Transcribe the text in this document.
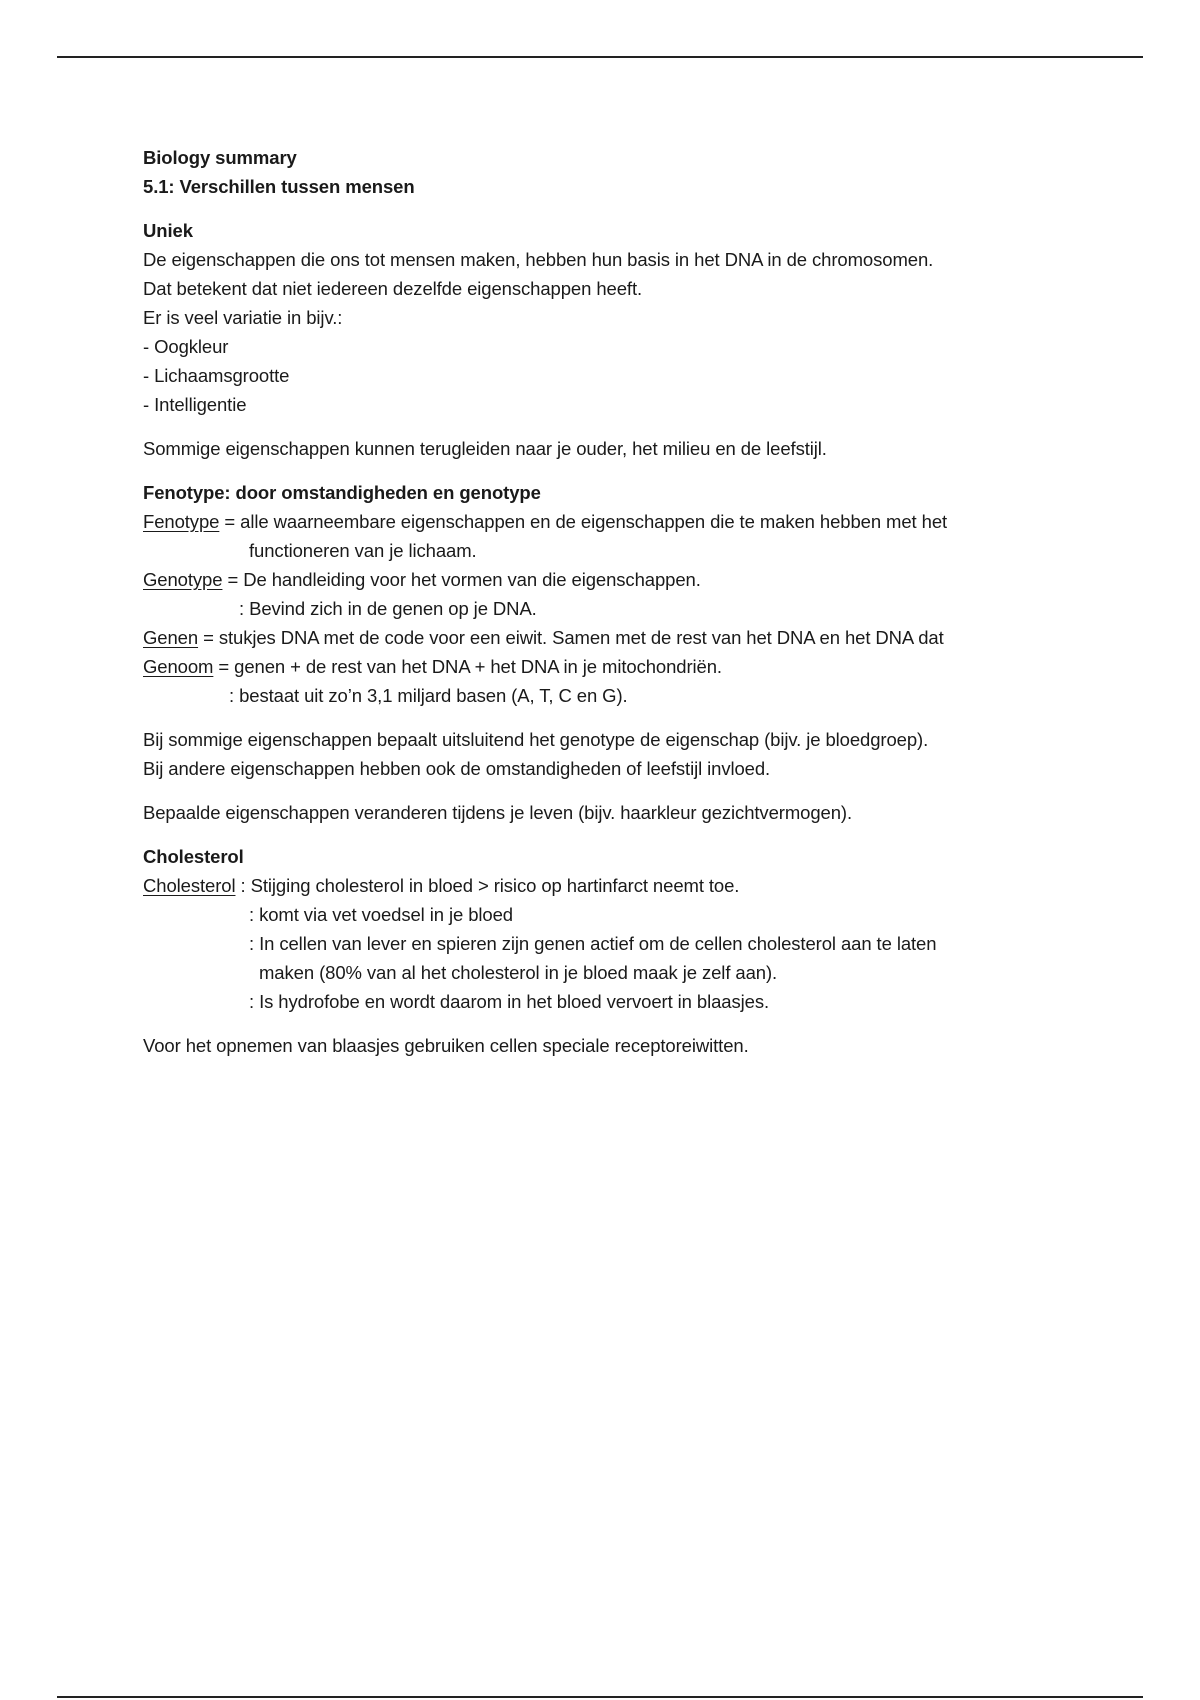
Biology summary
5.1: Verschillen tussen mensen
Uniek
De eigenschappen die ons tot mensen maken, hebben hun basis in het DNA in de chromosomen.
Dat betekent dat niet iedereen dezelfde eigenschappen heeft.
Er is veel variatie in bijv.:
- Oogkleur
- Lichaamsgrootte
- Intelligentie
Sommige eigenschappen kunnen terugleiden naar je ouder, het milieu en de leefstijl.
Fenotype: door omstandigheden en genotype
Fenotype = alle waarneembare eigenschappen en de eigenschappen die te maken hebben met het
functioneren van je lichaam.
Genotype = De handleiding voor het vormen van die eigenschappen.
: Bevind zich in de genen op je DNA.
Genen = stukjes DNA met de code voor een eiwit. Samen met de rest van het DNA en het DNA dat
Genoom = genen + de rest van het DNA + het DNA in je mitochondriën.
: bestaat uit zo’n 3,1 miljard basen (A, T, C en G).
Bij sommige eigenschappen bepaalt uitsluitend het genotype de eigenschap (bijv. je bloedgroep).
Bij andere eigenschappen hebben ook de omstandigheden of leefstijl invloed.
Bepaalde eigenschappen veranderen tijdens je leven (bijv. haarkleur gezichtvermogen).
Cholesterol
Cholesterol : Stijging cholesterol in bloed > risico op hartinfarct neemt toe.
: komt via vet voedsel in je bloed
: In cellen van lever en spieren zijn genen actief om de cellen cholesterol aan te laten
maken (80% van al het cholesterol in je bloed maak je zelf aan).
: Is hydrofobe en wordt daarom in het bloed vervoert in blaasjes.
Voor het opnemen van blaasjes gebruiken cellen speciale receptoreiwitten.
